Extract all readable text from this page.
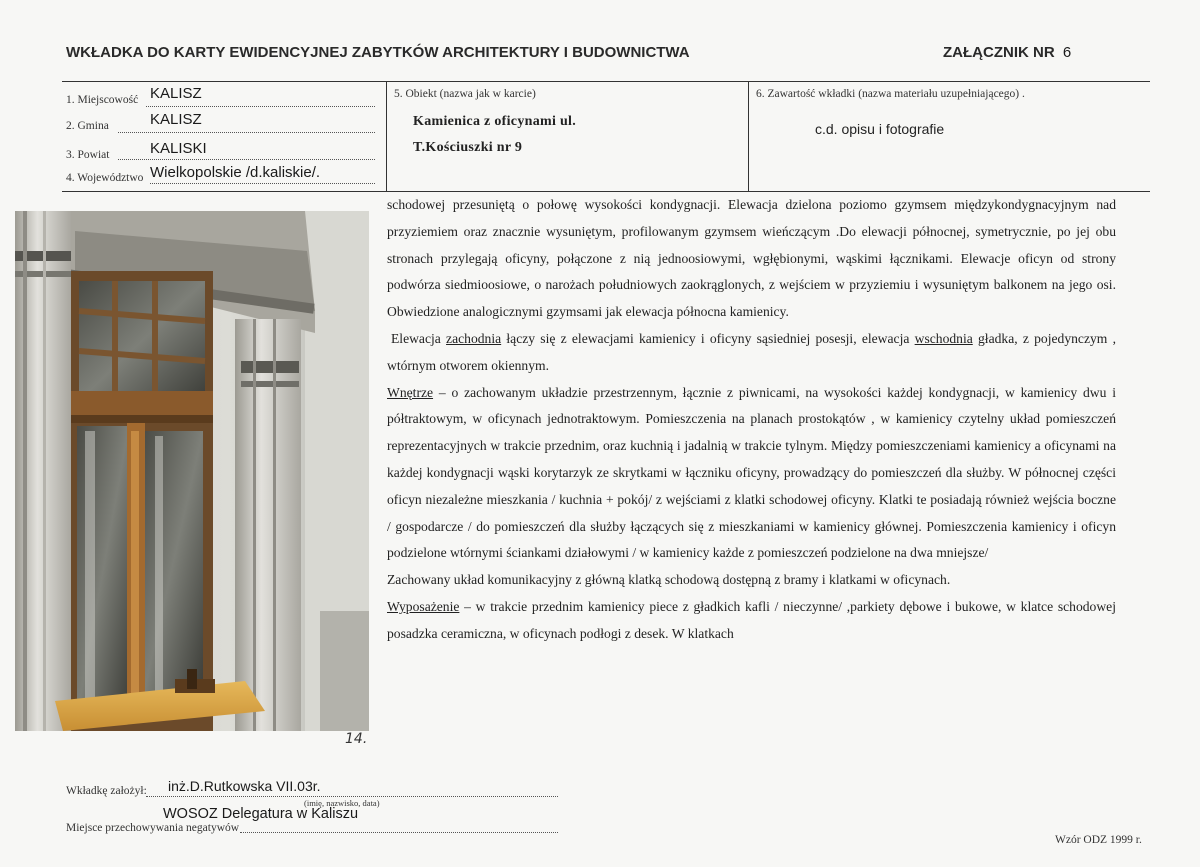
WKŁADKA DO KARTY EWIDENCYJNEJ ZABYTKÓW ARCHITEKTURY I BUDOWNICTWA	ZAŁĄCZNIK NR 6
1. Miejscowość KALISZ
2. Gmina	KALISZ
3. Powiat	KALISKI
4. Województwo Wielkopolskie /d.kaliskie/.
5. Obiekt (nazwa jak w karcie)
Kamienica z oficynami ul.
T.Kościuszki nr 9
6. Zawartość wkładki (nazwa materiału uzupełniającego) .
c.d. opisu i fotografie
14.

schodowej przesuniętą o połowę wysokości kondygnacji. Elewacja dzielona poziomo gzymsem międzykondygnacyjnym nad przyziemiem oraz znacznie wysuniętym, profilowanym gzymsem wieńczącym .Do elewacji północnej, symetrycznie, po jej obu stronach przylegają oficyny, połączone z nią jednoosiowymi, wgłębionymi, wąskimi łącznikami. Elewacje oficyn od strony podwórza siedmioosiowe, o narożach południowych zaokrąglonych, z wejściem w przyziemiu i wysuniętym balkonem na jego osi. Obwiedzione analogicznymi gzymsami jak elewacja północna kamienicy.

Elewacja zachodnia łączy się z elewacjami kamienicy i oficyny sąsiedniej posesji, elewacja wschodnia gładka, z pojedynczym , wtórnym otworem okiennym.

Wnętrze – o zachowanym układzie przestrzennym, łącznie z piwnicami, na wysokości każdej kondygnacji, w kamienicy dwu i półtraktowym, w oficynach jednotraktowym. Pomieszczenia na planach prostokątów , w kamienicy czytelny układ pomieszczeń reprezentacyjnych w trakcie przednim, oraz kuchnią i jadalnią w trakcie tylnym. Między pomieszczeniami kamienicy a oficynami na każdej kondygnacji wąski korytarzyk ze skrytkami w łączniku oficyny, prowadzący do pomieszczeń dla służby. W północnej części oficyn niezależne mieszkania / kuchnia + pokój/ z wejściami z klatki schodowej oficyny. Klatki te posiadają również wejścia boczne / gospodarcze / do pomieszczeń dla służby łączących się z mieszkaniami w kamienicy głównej. Pomieszczenia kamienicy i oficyn podzielone wtórnymi ściankami działowymi / w kamienicy każde z pomieszczeń podzielone na dwa mniejsze/

Zachowany układ komunikacyjny z główną klatką schodową dostępną z bramy i klatkami w oficynach.

Wyposażenie – w trakcie przednim kamienicy piece z gładkich kafli / nieczynne/ ,parkiety dębowe i bukowe, w klatce schodowej posadzka ceramiczna, w oficynach podłogi z desek. W klatkach

Wkładkę założył: inż.D.Rutkowska VII.03r.
(imię, nazwisko, data)
WOSOZ Delegatura w Kaliszu
Miejsce przechowywania negatywów
Wzór ODZ 1999 r.
